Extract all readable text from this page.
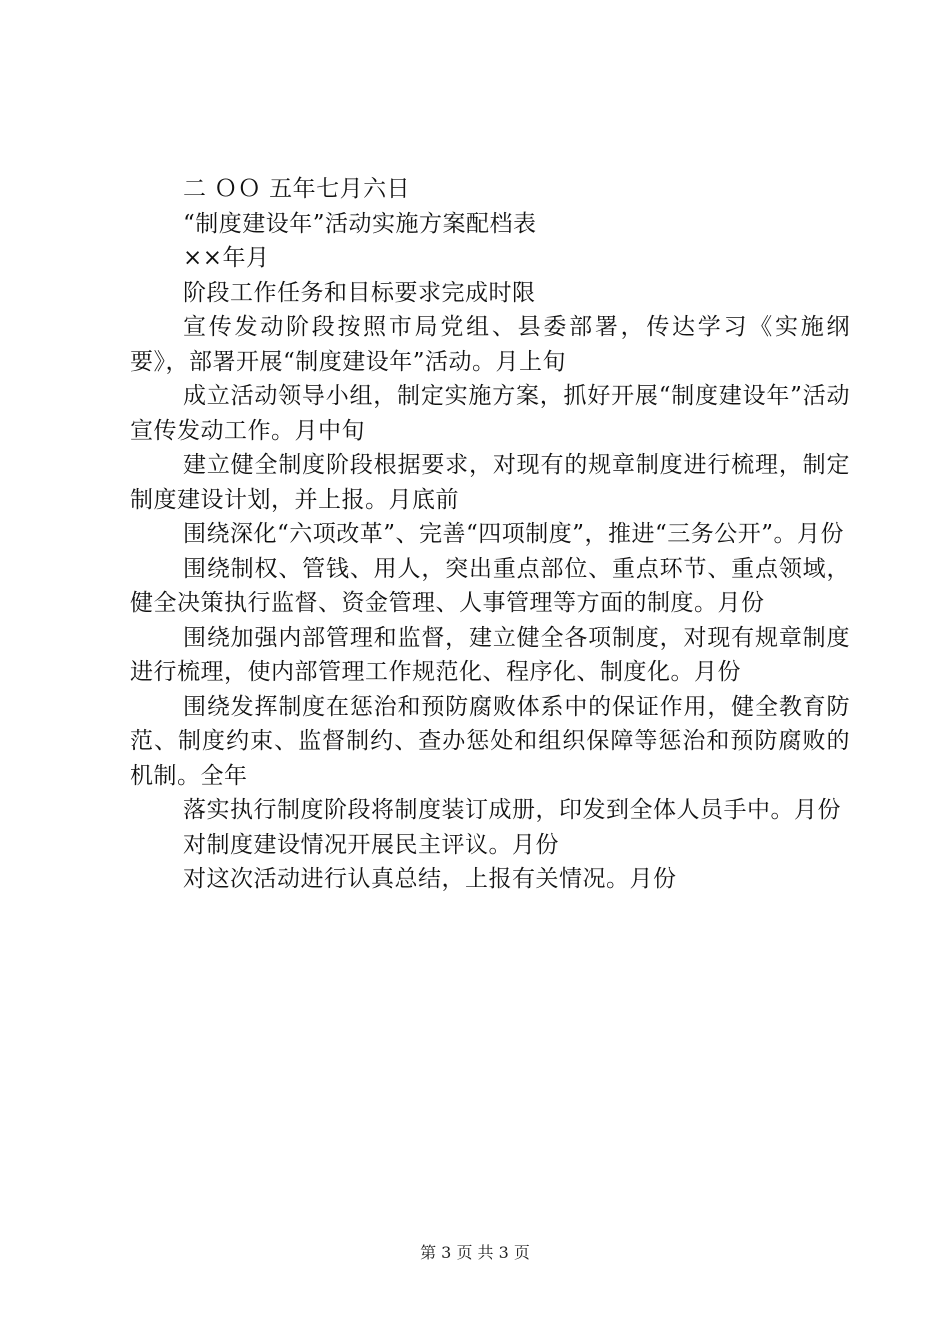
二 ＯＯ 五年七月六日

“制度建设年”活动实施方案配档表

××年月

阶段工作任务和目标要求完成时限

宣传发动阶段按照市局党组、县委部署，传达学习《实施纲要》，部署开展“制度建设年”活动。月上旬

成立活动领导小组，制定实施方案，抓好开展“制度建设年”活动宣传发动工作。月中旬

建立健全制度阶段根据要求，对现有的规章制度进行梳理，制定制度建设计划，并上报。月底前

围绕深化“六项改革”、完善“四项制度”，推进“三务公开”。月份

围绕制权、管钱、用人，突出重点部位、重点环节、重点领域，健全决策执行监督、资金管理、人事管理等方面的制度。月份

围绕加强内部管理和监督，建立健全各项制度，对现有规章制度进行梳理，使内部管理工作规范化、程序化、制度化。月份

围绕发挥制度在惩治和预防腐败体系中的保证作用，健全教育防范、制度约束、监督制约、查办惩处和组织保障等惩治和预防腐败的机制。全年

落实执行制度阶段将制度装订成册，印发到全体人员手中。月份

对制度建设情况开展民主评议。月份

对这次活动进行认真总结，上报有关情况。月份

第 3 页 共 3 页
